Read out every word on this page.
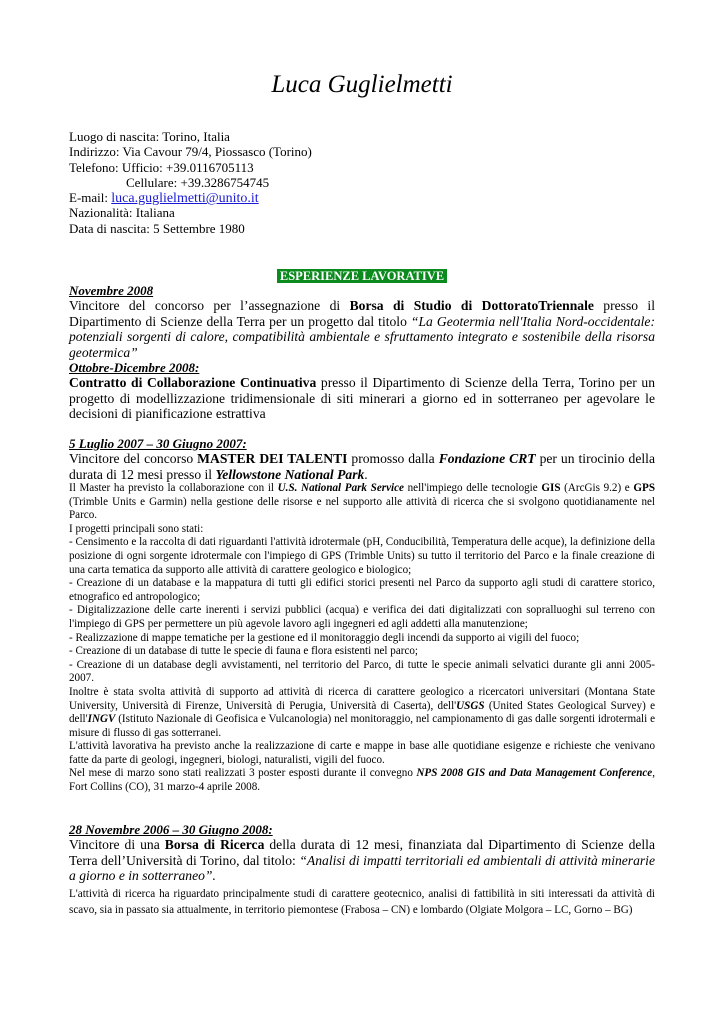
Luca Guglielmetti
Luogo di nascita: Torino, Italia
Indirizzo: Via Cavour 79/4, Piossasco (Torino)
Telefono: Ufficio: +39.0116705113
Cellulare: +39.3286754745
E-mail: luca.guglielmetti@unito.it
Nazionalità: Italiana
Data di nascita: 5 Settembre 1980
ESPERIENZE LAVORATIVE
Novembre 2008
Vincitore del concorso per l’assegnazione di Borsa di Studio di DottoratoTriennale presso il Dipartimento di Scienze della Terra per un progetto dal titolo “La Geotermia nell'Italia Nord-occidentale: potenziali sorgenti di calore, compatibilità ambientale e sfruttamento integrato e sostenibile della risorsa geotermica”
Ottobre-Dicembre 2008:
Contratto di Collaborazione Continuativa presso il Dipartimento di Scienze della Terra, Torino per un progetto di modellizzazione tridimensionale di siti minerari a giorno ed in sotterraneo per agevolare le decisioni di pianificazione estrattiva
5 Luglio 2007 – 30 Giugno 2007:
Vincitore del concorso MASTER DEI TALENTI promosso dalla Fondazione CRT per un tirocinio della durata di 12 mesi presso il Yellowstone National Park.
Il Master ha previsto la collaborazione con il U.S. National Park Service nell'impiego delle tecnologie GIS (ArcGis 9.2) e GPS (Trimble Units e Garmin) nella gestione delle risorse e nel supporto alle attività di ricerca che si svolgono quotidianamente nel Parco.
I progetti principali sono stati:
- Censimento e la raccolta di dati riguardanti l'attività idrotermale (pH, Conducibilità, Temperatura delle acque), la definizione della posizione di ogni sorgente idrotermale con l'impiego di GPS (Trimble Units) su tutto il territorio del Parco e la finale creazione di una carta tematica da supporto alle attività di carattere geologico e biologico;
- Creazione di un database e la mappatura di tutti gli edifici storici presenti nel Parco da supporto agli studi di carattere storico, etnografico ed antropologico;
- Digitalizzazione delle carte inerenti i servizi pubblici (acqua) e verifica dei dati digitalizzati con sopralluoghi sul terreno con l'impiego di GPS per permettere un più agevole lavoro agli ingegneri ed agli addetti alla manutenzione;
- Realizzazione di mappe tematiche per la gestione ed il monitoraggio degli incendi da supporto ai vigili del fuoco;
- Creazione di un database di tutte le specie di fauna e flora esistenti nel parco;
- Creazione di un database degli avvistamenti, nel territorio del Parco, di tutte le specie animali selvatici durante gli anni 2005-2007.
Inoltre è stata svolta attività di supporto ad attività di ricerca di carattere geologico a ricercatori universitari (Montana State University, Università di Firenze, Università di Perugia, Università di Caserta), dell'USGS (United States Geological Survey) e dell'INGV (Istituto Nazionale di Geofisica e Vulcanologia) nel monitoraggio, nel campionamento di gas dalle sorgenti idrotermali e misure di flusso di gas sotterranei.
L'attività lavorativa ha previsto anche la realizzazione di carte e mappe in base alle quotidiane esigenze e richieste che venivano fatte da parte di geologi, ingegneri, biologi, naturalisti, vigili del fuoco.
Nel mese di marzo sono stati realizzati 3 poster esposti durante il convegno NPS 2008 GIS and Data Management Conference, Fort Collins (CO), 31 marzo-4 aprile 2008.
28 Novembre 2006 – 30 Giugno 2008:
Vincitore di una Borsa di Ricerca della durata di 12 mesi, finanziata dal Dipartimento di Scienze della Terra dell’Università di Torino, dal titolo: “Analisi di impatti territoriali ed ambientali di attività minerarie a giorno e in sotterraneo”.
L'attività di ricerca ha riguardato principalmente studi di carattere geotecnico, analisi di fattibilità in siti interessati da attività di scavo, sia in passato sia attualmente, in territorio piemontese (Frabosa – CN) e lombardo (Olgiate Molgora – LC, Gorno – BG)
